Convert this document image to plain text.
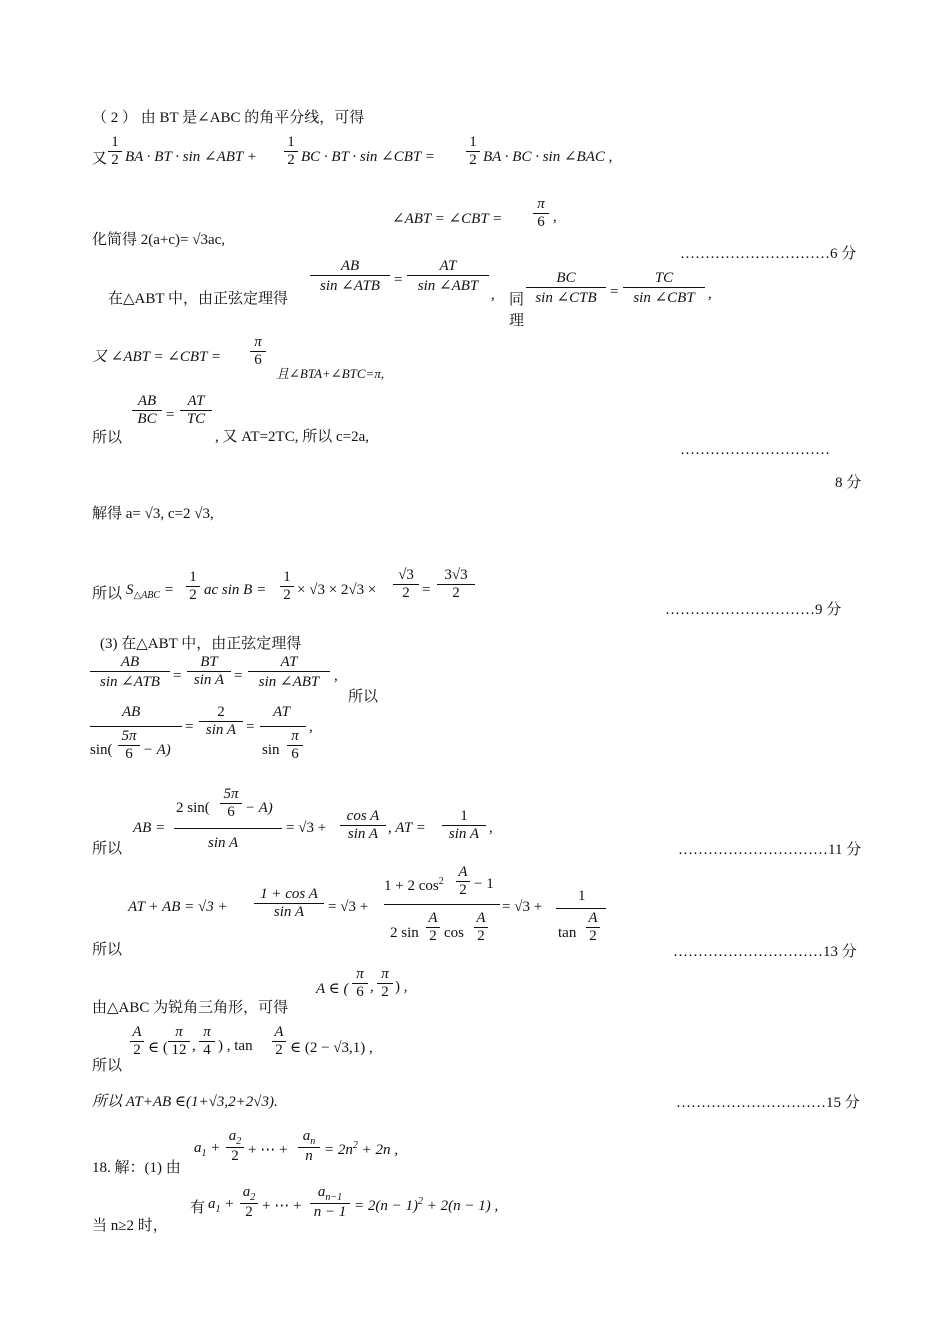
（ 2 ） 由 BT 是∠ABC 的角平分线，可得
又
1
2 BA · BT · sin ∠ABT +
1
2 BC · BT · sin ∠CBT =
1
2 BA · BC · sin ∠BAC ,
∠ABT = ∠CBT =
π
6 ,
化简得 2(a+c)= √3ac,
…………………………6 分
在△ABT 中，由正弦定理得
AB
sin ∠ATB =
AT
sin ∠ABT
, 同
理
BC
sin ∠CTB =
TC
sin ∠CBT ,
又 ∠ABT = ∠CBT =
π
6
且∠BTA+∠BTC=π,
所以
AB
BC =
AT
TC
, 又 AT=2TC, 所以 c=2a,
…………………………
8 分
解得 a= √3, c=2 √3,
所以 $S_{\triangle ABC}$ =
1
2 ac sin B =
1
2 × √3 × 2√3 ×
√3
2 =
3√3
2
…………………………9 分
(3) 在△ABT 中，由正弦定理得
AB
sin ∠ATB =
BT
sin A =
AT
sin ∠ABT ,
所以
AB
sin(
5π
6 − A)
=
2
sin A =
AT
sin
π
6
,
所以
AB =
2 sin(
5π
6 − A)
sin A
= √3 +
cos A
sin A , AT =
1
sin A ,
…………………………11 分
AT + AB = √3 +
1 + cos A
sin A	= √3 +
1 + 2 $\cos^2$
A
2 − 1
2 sin
A
2 cos
A
2
= √3 +
1
tan
A
2
所以	…………………………13 分
由△ABC 为锐角三角形，可得
A ∈ (
π
6 ,
π
2 ) ,
所以
A
2 ∈ (
π
12 ,
π
4 ) , tan
A
2 ∈ (2 − √3,1) ,
所以 AT+AB ∈(1+√3,2+2√3).	…………………………15 分
18. 解：(1) 由
$a_1$ +
$a_2$
2 + ⋯ +
$a_n$
$n = 2n^2 + 2n$ ,
当 n≥2 时，
有 $a_1$ +
$a_2$
2 + ⋯ +
$a_{n-1}$
$n - 1 = 2(n - 1)^2 + 2(n - 1)$ ,
